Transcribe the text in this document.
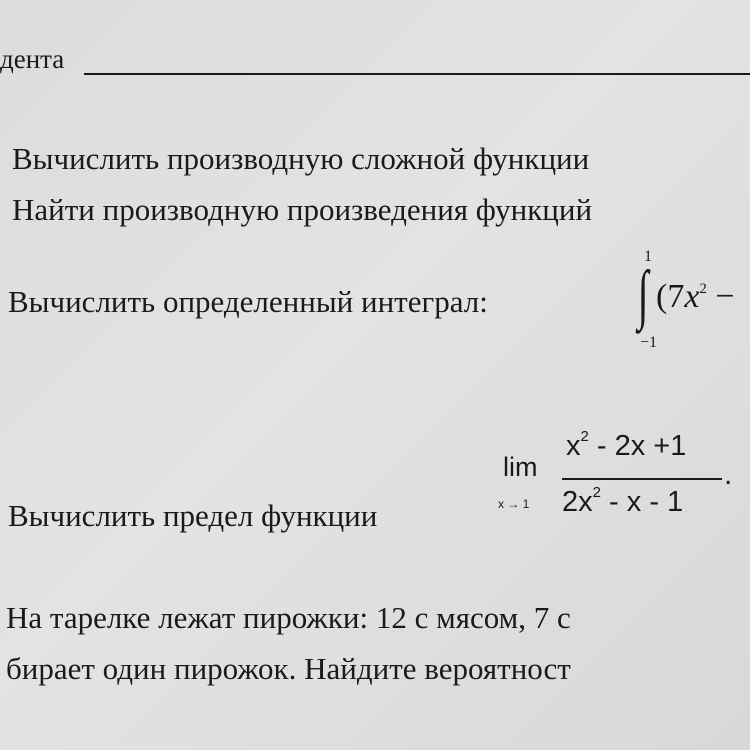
дента
Вычислить производную сложной функции
Найти производную произведения функций
Вычислить определенный интеграл:
1
∫
−1
($7x^2$ −
Вычислить предел функции
lim
x → 1
$x^2 - 2x +1$
$2x^2$ - x - 1
.
На тарелке лежат пирожки: 12 с мясом, 7 с
бирает один пирожок. Найдите вероятност
